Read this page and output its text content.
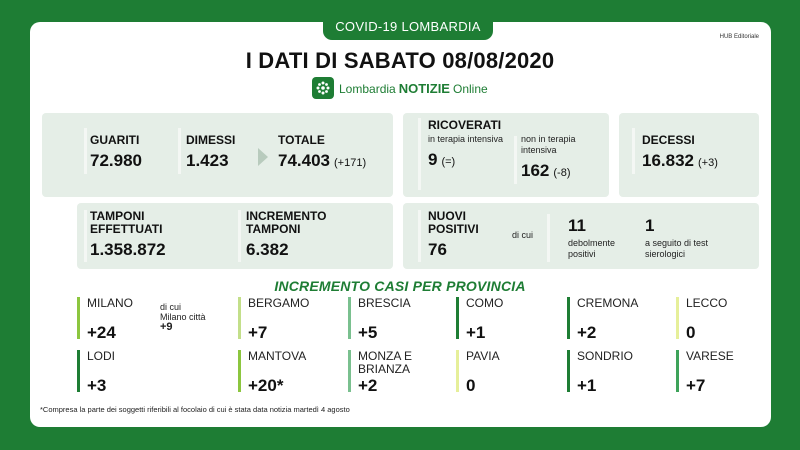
COVID-19 LOMBARDIA
HUB Editoriale
I DATI DI SABATO 08/08/2020
Lombardia NOTIZIE Online
GUARITI
72.980
DIMESSI
1.423
TOTALE
74.403 (+171)
RICOVERATI
in terapia intensiva
9 (=)
non in terapia intensiva
162 (-8)
DECESSI
16.832 (+3)
TAMPONI EFFETTUATI
1.358.872
INCREMENTO TAMPONI
6.382
NUOVI POSITIVI
76
di cui 11
debolmente positivi
1
a seguito di test sierologici
INCREMENTO CASI PER PROVINCIA
MILANO
+24
BERGAMO
+7
BRESCIA
+5
COMO
+1
CREMONA
+2
LECCO
0
LODI
+3
MANTOVA
+20*
MONZA E BRIANZA
+2
PAVIA
0
SONDRIO
+1
VARESE
+7
di cui
Milano città
+9
*Compresa la parte dei soggetti riferibili al focolaio di cui è stata data notizia martedì 4 agosto
